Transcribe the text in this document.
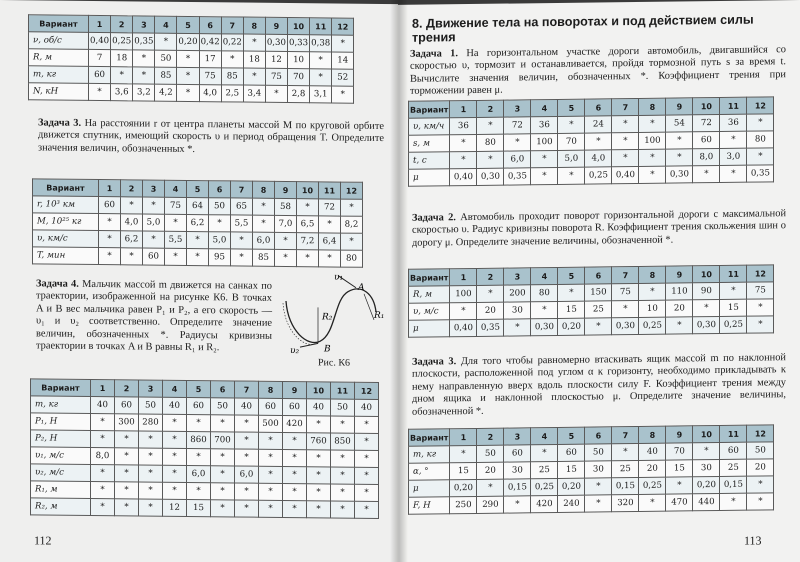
Вариант	1	2	3	4	5	6	7	8	9	10	11	12
ν, об/с	0,40	0,25	0,35	*	0,20	0,42	0,22	*	0,30	0,33	0,38	*
R, м	7	18	*	50	*	17	*	18	12	10	*	14
m, кг	60	*	*	85	*	75	85	*	75	70	*	52
N, кН	*	3,6	3,2	4,2	*	4,0	2,5	3,4	*	2,8	3,1	*
Задача 3. На расстоянии r от центра планеты массой M по круговой орбите движется спутник, имеющий скорость υ и период обращения T. Определите значения величин, обозначенных *.
Вариант	1	2	3	4	5	6	7	8	9	10	11	12
r, 10³ км	60	*	*	75	64	50	65	*	58	*	72	*
M, 10²⁵ кг	*	4,0	5,0	*	6,2	*	5,5	*	7,0	6,5	*	8,2
υ, км/с	*	6,2	*	5,5	*	5,0	*	6,0	*	7,2	6,4	*
T, мин	*	*	60	*	*	95	*	85	*	*	*	80
Задача 4. Мальчик массой m движется на санках по траектории, изображенной на рисунке К6. В точках A и B вес мальчика равен P₁ и P₂, а его скорость — υ₁ и υ₂ соответственно. Определите значение величин, обозначенных *. Радиусы кривизны траектории в точках A и B равны R₁ и R₂.
υ₁
A
R₁
R₂
B
υ₂
Рис. К6
Вариант	1	2	3	4	5	6	7	8	9	10	11	12
m, кг	40	60	50	40	60	50	40	60	60	40	50	40
P₁, Н	*	300	280	*	*	*	*	500	420	*	*	*
P₂, Н	*	*	*	*	860	700	*	*	*	760	850	*
υ₁, м/с	8,0	*	*	*	*	*	*	*	*	*	*	*
υ₂, м/с	*	*	*	*	6,0	*	6,0	*	*	*	*	*
R₁, м	*	*	*	*	*	*	*	*	*	*	*	*
R₂, м	*	*	*	12	15	*	*	*	*	*	*	*
112
8. Движение тела на поворотах и под действием силы трения
Задача 1. На горизонтальном участке дороги автомобиль, двигавшийся со скоростью υ, тормозит и останавливается, пройдя тормозной путь s за время t. Вычислите значения величин, обозначенных *. Коэффициент трения при торможении равен μ.
Вариант	1	2	3	4	5	6	7	8	9	10	11	12
υ, км/ч	36	*	72	36	*	24	*	*	54	72	36	*
s, м	*	80	*	100	70	*	*	100	*	60	*	80
t, с	*	*	6,0	*	5,0	4,0	*	*	*	8,0	3,0	*
μ	0,40	0,30	0,35	*	*	0,25	0,40	*	0,30	*	*	0,35
Задача 2. Автомобиль проходит поворот горизонтальной дороги с максимальной скоростью υ. Радиус кривизны поворота R. Коэффициент трения скольжения шин о дорогу μ. Определите значение величины, обозначенной *.
Вариант	1	2	3	4	5	6	7	8	9	10	11	12
R, м	100	*	200	80	*	150	75	*	110	90	*	75
υ, м/с	*	20	30	*	15	25	*	10	20	*	15	*
μ	0,40	0,35	*	0,30	0,20	*	0,30	0,25	*	0,30	0,25	*
Задача 3. Для того чтобы равномерно втаскивать ящик массой m по наклонной плоскости, расположенной под углом α к горизонту, необходимо прикладывать к нему направленную вверх вдоль плоскости силу F. Коэффициент трения между дном ящика и наклонной плоскостью μ. Определите значение величины, обозначенной *.
Вариант	1	2	3	4	5	6	7	8	9	10	11	12
m, кг	*	50	60	*	60	50	*	40	70	*	60	50
α, °	15	20	30	25	15	30	25	20	15	30	25	20
μ	0,20	*	0,15	0,25	0,20	*	0,15	0,25	*	0,20	0,15	*
F, Н	250	290	*	420	240	*	320	*	470	440	*	*
113
